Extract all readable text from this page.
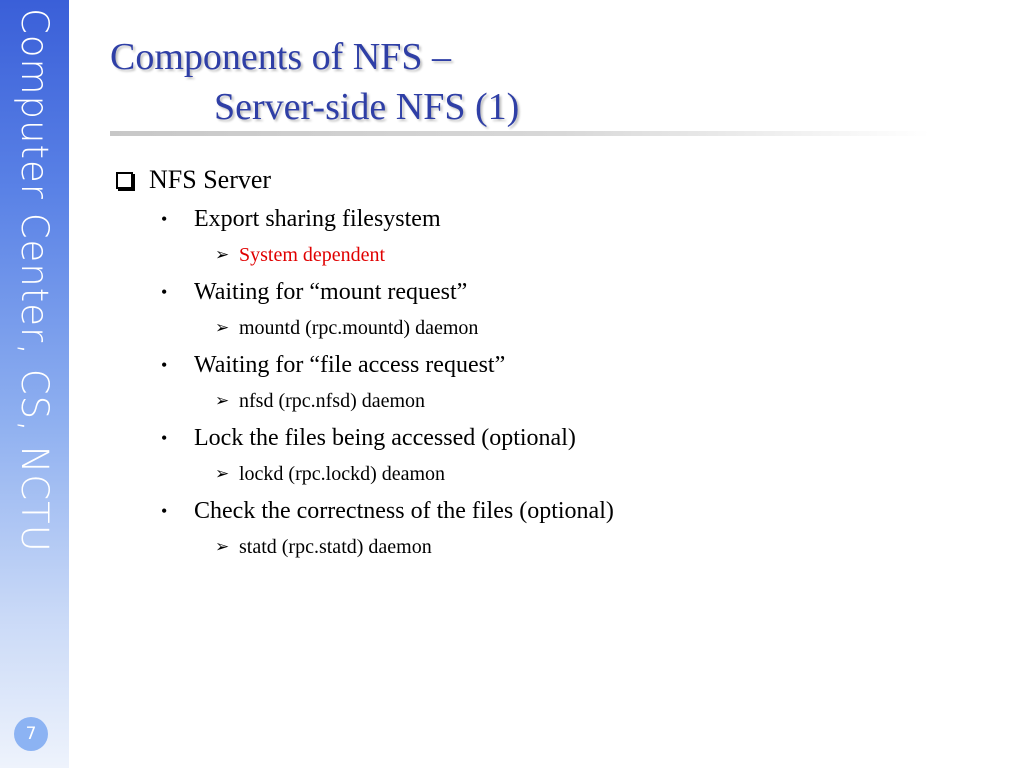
Computer Center, CS, NCTU
7
Components of NFS –
Server-side NFS (1)
NFS Server
• Export sharing filesystem
➢ System dependent
• Waiting for “mount request”
➢ mountd (rpc.mountd) daemon
• Waiting for “file access request”
➢ nfsd (rpc.nfsd) daemon
• Lock the files being accessed (optional)
➢ lockd (rpc.lockd) deamon
• Check the correctness of the files (optional)
➢ statd (rpc.statd) daemon
